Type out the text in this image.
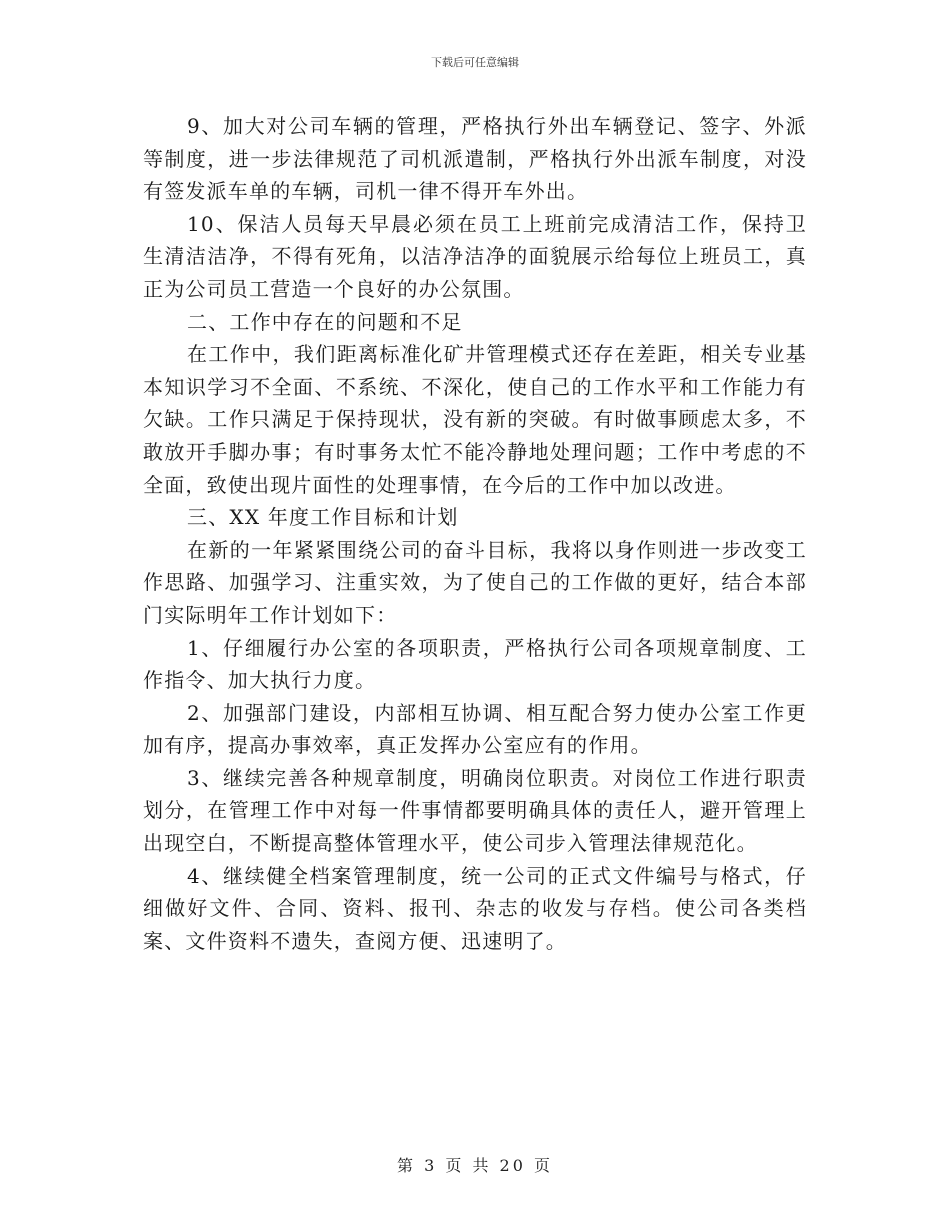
下载后可任意编辑

9、加大对公司车辆的管理，严格执行外出车辆登记、签字、外派等制度，进一步法律规范了司机派遣制，严格执行外出派车制度，对没有签发派车单的车辆，司机一律不得开车外出。

10、保洁人员每天早晨必须在员工上班前完成清洁工作，保持卫生清洁洁净，不得有死角，以洁净洁净的面貌展示给每位上班员工，真正为公司员工营造一个良好的办公氛围。

二、工作中存在的问题和不足

在工作中，我们距离标准化矿井管理模式还存在差距，相关专业基本知识学习不全面、不系统、不深化，使自己的工作水平和工作能力有欠缺。工作只满足于保持现状，没有新的突破。有时做事顾虑太多，不敢放开手脚办事；有时事务太忙不能冷静地处理问题；工作中考虑的不全面，致使出现片面性的处理事情，在今后的工作中加以改进。

三、XX 年度工作目标和计划

在新的一年紧紧围绕公司的奋斗目标，我将以身作则进一步改变工作思路、加强学习、注重实效，为了使自己的工作做的更好，结合本部门实际明年工作计划如下：

1、仔细履行办公室的各项职责，严格执行公司各项规章制度、工作指令、加大执行力度。

2、加强部门建设，内部相互协调、相互配合努力使办公室工作更加有序，提高办事效率，真正发挥办公室应有的作用。

3、继续完善各种规章制度，明确岗位职责。对岗位工作进行职责划分，在管理工作中对每一件事情都要明确具体的责任人，避开管理上出现空白，不断提高整体管理水平，使公司步入管理法律规范化。

4、继续健全档案管理制度，统一公司的正式文件编号与格式，仔细做好文件、合同、资料、报刊、杂志的收发与存档。使公司各类档案、文件资料不遗失，查阅方便、迅速明了。

第 3 页 共 20 页
